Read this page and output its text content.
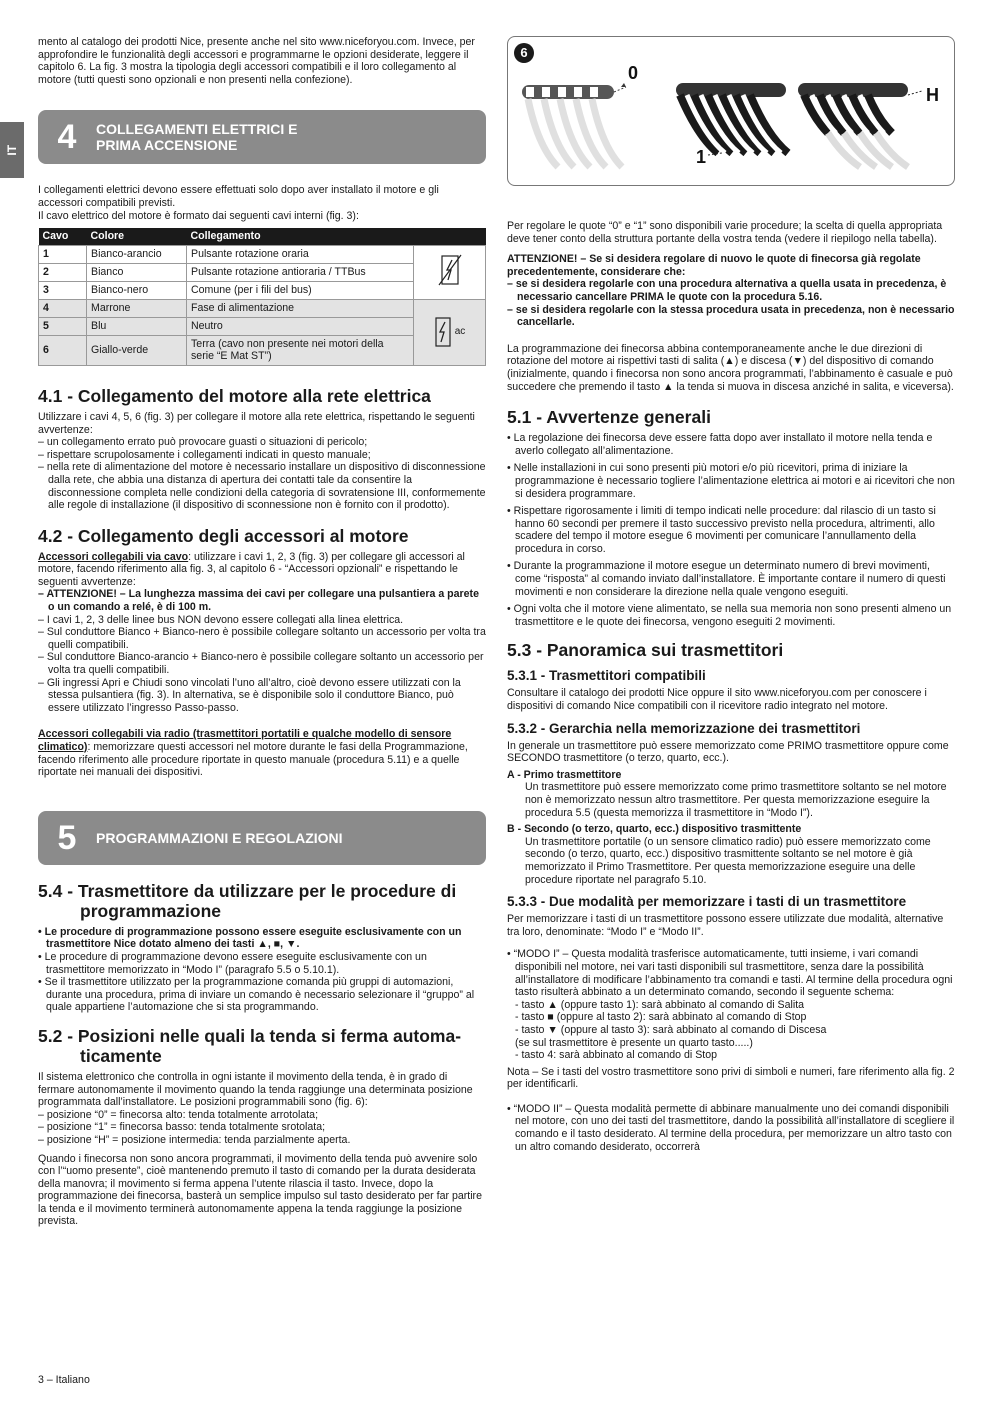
IT

mento al catalogo dei prodotti Nice, presente anche nel sito www.niceforyou.com. Invece, per approfondire le funzionalità degli accessori e programmarne le opzioni desiderate, leggere il capitolo 6. La fig. 3 mostra la tipologia degli accessori compatibili e il loro collegamento al motore (tutti questi sono opzionali e non presenti nella confezione).

4	COLLEGAMENTI ELETTRICI E PRIMA ACCENSIONE

I collegamenti elettrici devono essere effettuati solo dopo aver installato il motore e gli accessori compatibili previsti.

Il cavo elettrico del motore è formato dai seguenti cavi interni (fig. 3):

Cavo	Colore	Collegamento	
1	Bianco-arancio	Pulsante rotazione oraria	
2	Bianco	Pulsante rotazione antioraria / TTBus	
3	Bianco-nero	Comune (per i fili del bus)	
4	Marrone	Fase di alimentazione	ac
5	Blu	Neutro	
6	Giallo-verde	Terra (cavo non presente nei motori della serie “E Mat ST”)	
4.1 - Collegamento del motore alla rete elettrica

Utilizzare i cavi 4, 5, 6 (fig. 3) per collegare il motore alla rete elettrica, rispettando le seguenti avvertenze:

– un collegamento errato può provocare guasti o situazioni di pericolo;
– rispettare scrupolosamente i collegamenti indicati in questo manuale;
– nella rete di alimentazione del motore è necessario installare un dispositivo di disconnessione dalla rete, che abbia una distanza di apertura dei contatti tale da consentire la disconnessione completa nelle condizioni della categoria di sovratensione III, conformemente alle regole di installazione (il dispositivo di sconnessione non è fornito con il prodotto).
4.2 - Collegamento degli accessori al motore

Accessori collegabili via cavo: utilizzare i cavi 1, 2, 3 (fig. 3) per collegare gli accessori al motore, facendo riferimento alla fig. 3, al capitolo 6 - “Accessori opzionali” e rispettando le seguenti avvertenze:

– ATTENZIONE! – La lunghezza massima dei cavi per collegare una pulsantiera a parete o un comando a relé, è di 100 m.
– I cavi 1, 2, 3 delle linee bus NON devono essere collegati alla linea elettrica.
– Sul conduttore Bianco + Bianco-nero è possibile collegare soltanto un accessorio per volta tra quelli compatibili.
– Sul conduttore Bianco-arancio + Bianco-nero è possibile collegare soltanto un accessorio per volta tra quelli compatibili.
– Gli ingressi Apri e Chiudi sono vincolati l’uno all’altro, cioè devono essere utilizzati con la stessa pulsantiera (fig. 3). In alternativa, se è disponibile solo il conduttore Bianco, può essere utilizzato l’ingresso Passo-passo.

Accessori collegabili via radio (trasmettitori portatili e qualche modello di sensore climatico): memorizzare questi accessori nel motore durante le fasi della Programmazione, facendo riferimento alle procedure riportate in questo manuale (procedura 5.11) e a quelle riportate nei manuali dei dispositivi.

5	PROGRAMMAZIONI E REGOLAZIONI
5.4 - Trasmettitore da utilizzare per le procedure di
programmazione
• Le procedure di programmazione possono essere eseguite esclusivamente con un trasmettitore Nice dotato almeno dei tasti ▲, ■, ▼.
• Le procedure di programmazione devono essere eseguite esclusivamente con un trasmettitore memorizzato in “Modo I” (paragrafo 5.5 o 5.10.1).
• Se il trasmettitore utilizzato per la programmazione comanda più gruppi di automazioni, durante una procedura, prima di inviare un comando è necessario selezionare il “gruppo” al quale appartiene l’automazione che si sta programmando.
5.2 - Posizioni nelle quali la tenda si ferma automa-
ticamente

Il sistema elettronico che controlla in ogni istante il movimento della tenda, è in grado di fermare autonomamente il movimento quando la tenda raggiunge una determinata posizione programmata dall’installatore. Le posizioni programmabili sono (fig. 6):

– posizione “0” = finecorsa alto: tenda totalmente arrotolata;
– posizione “1” = finecorsa basso: tenda totalmente srotolata;
– posizione “H” = posizione intermedia: tenda parzialmente aperta.

Quando i finecorsa non sono ancora programmati, il movimento della tenda può avvenire solo con l’“uomo presente”, cioè mantenendo premuto il tasto di comando per la durata desiderata della manovra; il movimento si ferma appena l’utente rilascia il tasto. Invece, dopo la programmazione dei finecorsa, basterà un semplice impulso sul tasto desiderato per far partire la tenda e il movimento terminerà autonomamente appena la tenda raggiunge la posizione prevista.

6
0
1
H

Per regolare le quote “0” e “1” sono disponibili varie procedure; la scelta di quella appropriata deve tener conto della struttura portante della vostra tenda (vedere il riepilogo nella tabella).

ATTENZIONE! – Se si desidera regolare di nuovo le quote di finecorsa già regolate precedentemente, considerare che:
– se si desidera regolarle con una procedura alternativa a quella usata in precedenza, è necessario cancellare PRIMA le quote con la procedura 5.16.
– se si desidera regolarle con la stessa procedura usata in precedenza, non è necessario cancellarle.

La programmazione dei finecorsa abbina contemporaneamente anche le due direzioni di rotazione del motore ai rispettivi tasti di salita (▲) e discesa (▼) del dispositivo di comando (inizialmente, quando i finecorsa non sono ancora programmati, l’abbinamento è casuale e può succedere che premendo il tasto ▲ la tenda si muova in discesa anziché in salita, e viceversa).

5.1 - Avvertenze generali
• La regolazione dei finecorsa deve essere fatta dopo aver installato il motore nella tenda e averlo collegato all’alimentazione.
• Nelle installazioni in cui sono presenti più motori e/o più ricevitori, prima di iniziare la programmazione è necessario togliere l’alimentazione elettrica ai motori e ai ricevitori che non si desidera programmare.
• Rispettare rigorosamente i limiti di tempo indicati nelle procedure: dal rilascio di un tasto si hanno 60 secondi per premere il tasto successivo previsto nella procedura, altrimenti, allo scadere del tempo il motore esegue 6 movimenti per comunicare l’annullamento della procedura in corso.
• Durante la programmazione il motore esegue un determinato numero di brevi movimenti, come “risposta” al comando inviato dall’installatore. È importante contare il numero di questi movimenti e non considerare la direzione nella quale vengono eseguiti.
• Ogni volta che il motore viene alimentato, se nella sua memoria non sono presenti almeno un trasmettitore e le quote dei finecorsa, vengono eseguiti 2 movimenti.
5.3 - Panoramica sui trasmettitori
5.3.1 - Trasmettitori compatibili

Consultare il catalogo dei prodotti Nice oppure il sito www.niceforyou.com per conoscere i dispositivi di comando Nice compatibili con il ricevitore radio integrato nel motore.

5.3.2 - Gerarchia nella memorizzazione dei trasmettitori

In generale un trasmettitore può essere memorizzato come PRIMO trasmettitore oppure come SECONDO trasmettitore (o terzo, quarto, ecc.).

A - Primo trasmettitore
Un trasmettitore può essere memorizzato come primo trasmettitore soltanto se nel motore non è memorizzato nessun altro trasmettitore. Per questa memorizzazione eseguire la procedura 5.5 (questa memorizza il trasmettitore in “Modo I”).
B - Secondo (o terzo, quarto, ecc.) dispositivo trasmittente
Un trasmettitore portatile (o un sensore climatico radio) può essere memorizzato come secondo (o terzo, quarto, ecc.) dispositivo trasmittente soltanto se nel motore è già memorizzato il Primo Trasmettitore. Per questa memorizzazione eseguire una delle procedure riportate nel paragrafo 5.10.
5.3.3 - Due modalità per memorizzare i tasti di un trasmettitore

Per memorizzare i tasti di un trasmettitore possono essere utilizzate due modalità, alternative tra loro, denominate: “Modo I” e “Modo II”.

• “MODO I” – Questa modalità trasferisce automaticamente, tutti insieme, i vari comandi disponibili nel motore, nei vari tasti disponibili sul trasmettitore, senza dare la possibilità all’installatore di modificare l’abbinamento tra comandi e tasti. Al termine della procedura ogni tasto risulterà abbinato a un determinato comando, secondo il seguente schema:

- tasto ▲ (oppure tasto 1): sarà abbinato al comando di Salita
- tasto ■ (oppure al tasto 2): sarà abbinato al comando di Stop
- tasto ▼ (oppure al tasto 3): sarà abbinato al comando di Discesa
(se sul trasmettitore è presente un quarto tasto.....)
- tasto 4: sarà abbinato al comando di Stop

Nota – Se i tasti del vostro trasmettitore sono privi di simboli e numeri, fare riferimento alla fig. 2 per identificarli.

• “MODO II” – Questa modalità permette di abbinare manualmente uno dei comandi disponibili nel motore, con uno dei tasti del trasmettitore, dando la possibilità all’installatore di scegliere il comando e il tasto desiderato. Al termine della procedura, per memorizzare un altro tasto con un altro comando desiderato, occorrerà

3 – Italiano
